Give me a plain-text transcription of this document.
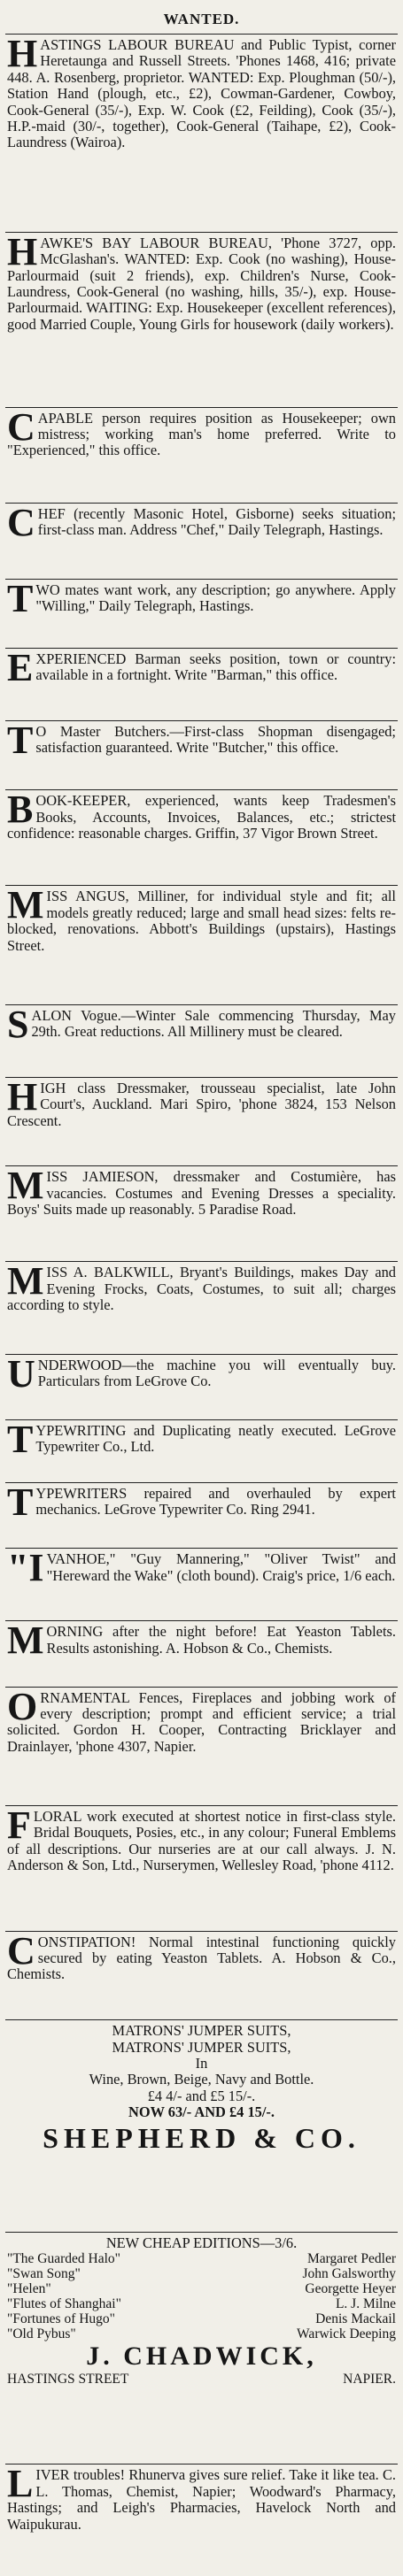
WANTED.

HASTINGS LABOUR BUREAU and Public Typist, corner Heretaunga and Russell Streets. 'Phones 1468, 416; private 448. A. Rosenberg, proprietor. WANTED: Exp. Ploughman (50/-), Station Hand (plough, etc., £2), Cowman-Gardener, Cowboy, Cook-General (35/-), Exp. W. Cook (£2, Feilding), Cook (35/-), H.P.-maid (30/-, together), Cook-General (Taihape, £2), Cook-Laundress (Wairoa).

HAWKE'S BAY LABOUR BUREAU, 'Phone 3727, opp. McGlashan's. WANTED: Exp. Cook (no washing), House-Parlourmaid (suit 2 friends), exp. Children's Nurse, Cook-Laundress, Cook-General (no washing, hills, 35/-), exp. House-Parlourmaid. WAITING: Exp. Housekeeper (excellent references), good Married Couple, Young Girls for housework (daily workers).

CAPABLE person requires position as Housekeeper; own mistress; working man's home preferred. Write to "Experienced," this office.

CHEF (recently Masonic Hotel, Gisborne) seeks situation; first-class man. Address "Chef," Daily Telegraph, Hastings.

TWO mates want work, any description; go anywhere. Apply "Willing," Daily Telegraph, Hastings.

EXPERIENCED Barman seeks position, town or country: available in a fortnight. Write "Barman," this office.

T O Master Butchers.—First-class Shopman disengaged; satisfaction guaranteed. Write "Butcher," this office.

BOOK-KEEPER, experienced, wants keep Tradesmen's Books, Accounts, Invoices, Balances, etc.; strictest confidence: reasonable charges. Griffin, 37 Vigor Brown Street.

MISS ANGUS, Milliner, for individual style and fit; all models greatly reduced; large and small head sizes: felts re-blocked, renovations. Abbott's Buildings (upstairs), Hastings Street.

SALON Vogue.—Winter Sale commencing Thursday, May 29th. Great reductions. All Millinery must be cleared.

HIGH class Dressmaker, trousseau specialist, late John Court's, Auckland. Mari Spiro, 'phone 3824, 153 Nelson Crescent.

MISS JAMIESON, dressmaker and Costumière, has vacancies. Costumes and Evening Dresses a speciality. Boys' Suits made up reasonably. 5 Paradise Road.

MISS A. BALKWILL, Bryant's Buildings, makes Day and Evening Frocks, Coats, Costumes, to suit all; charges according to style.

UNDERWOOD—the machine you will eventually buy. Particulars from LeGrove Co.

TYPEWRITING and Duplicating neatly executed. LeGrove Typewriter Co., Ltd.

TYPEWRITERS repaired and overhauled by expert mechanics. LeGrove Typewriter Co. Ring 2941.

"IVANHOE," "Guy Mannering," "Oliver Twist" and "Hereward the Wake" (cloth bound). Craig's price, 1/6 each.

MORNING after the night before! Eat Yeaston Tablets. Results astonishing. A. Hobson & Co., Chemists.

ORNAMENTAL Fences, Fireplaces and jobbing work of every description; prompt and efficient service; a trial solicited. Gordon H. Cooper, Contracting Bricklayer and Drainlayer, 'phone 4307, Napier.

FLORAL work executed at shortest notice in first-class style. Bridal Bouquets, Posies, etc., in any colour; Funeral Emblems of all descriptions. Our nurseries are at our call always. J. N. Anderson & Son, Ltd., Nurserymen, Wellesley Road, 'phone 4112.

CONSTIPATION! Normal intestinal functioning quickly secured by eating Yeaston Tablets. A. Hobson & Co., Chemists.

MATRONS' JUMPER SUITS,

MATRONS' JUMPER SUITS,

In

Wine, Brown, Beige, Navy and Bottle.

£4 4/- and £5 15/-.

NOW 63/- AND £4 15/-.

SHEPHERD & CO.

NEW CHEAP EDITIONS—3/6.

"The Guarded Halo"	Margaret Pedler
"Swan Song"	John Galsworthy
"Helen"	Georgette Heyer
"Flutes of Shanghai"	L. J. Milne
"Fortunes of Hugo"	Denis Mackail
"Old Pybus"	Warwick Deeping

J. CHADWICK,

HASTINGS STREET	NAPIER.

LIVER troubles! Rhunerva gives sure relief. Take it like tea. C. L. Thomas, Chemist, Napier; Woodward's Pharmacy, Hastings; and Leigh's Pharmacies, Havelock North and Waipukurau.
